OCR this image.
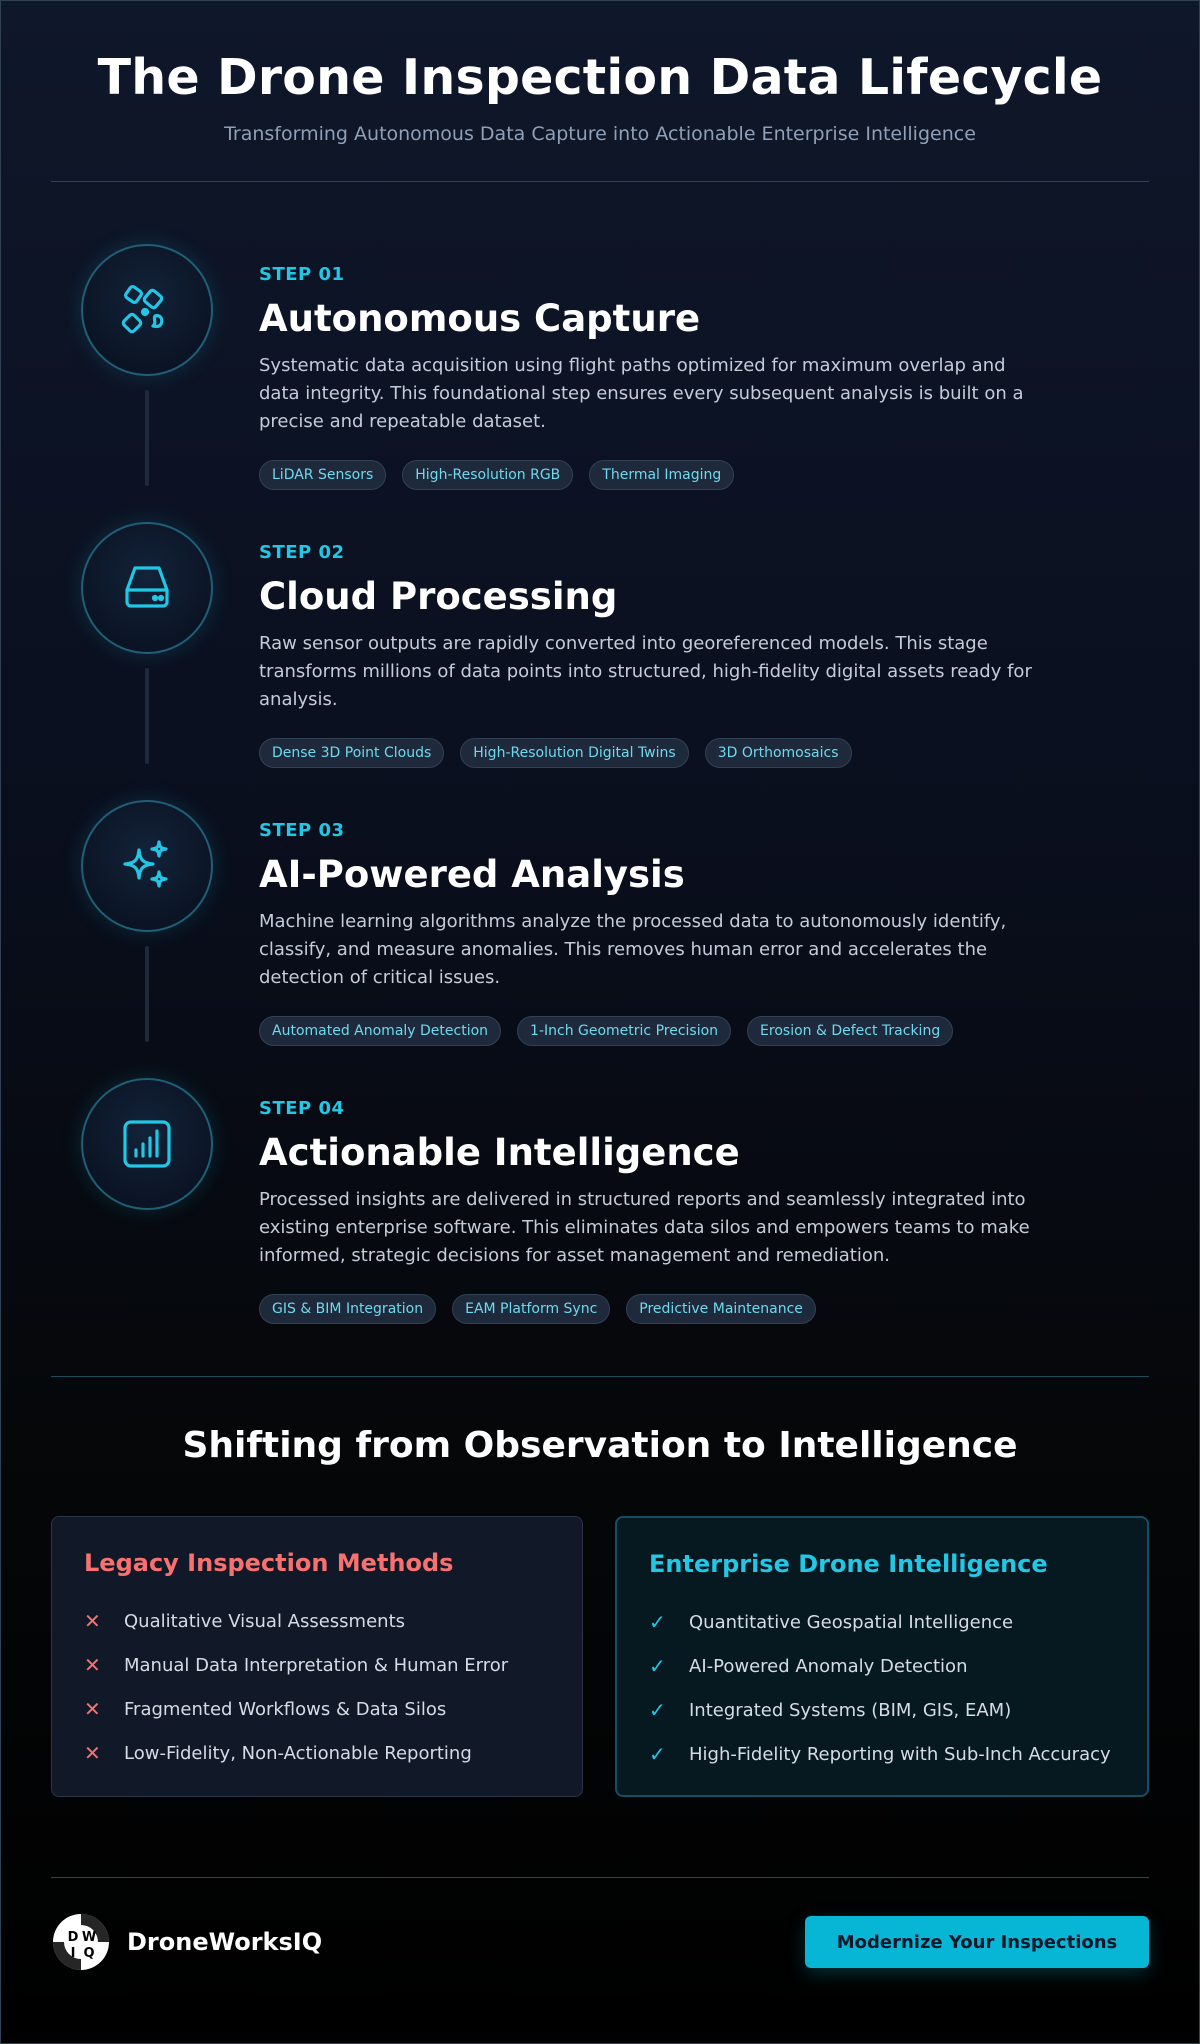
The Drone Inspection Data Lifecycle

Transforming Autonomous Data Capture into Actionable Enterprise Intelligence

STEP 01
Autonomous Capture

Systematic data acquisition using flight paths optimized for maximum overlap and data integrity. This foundational step ensures every subsequent analysis is built on a precise and repeatable dataset.

LiDAR Sensors	High-Resolution RGB	Thermal Imaging
STEP 02
Cloud Processing

Raw sensor outputs are rapidly converted into georeferenced models. This stage transforms millions of data points into structured, high-fidelity digital assets ready for analysis.

Dense 3D Point Clouds	High-Resolution Digital Twins	3D Orthomosaics
STEP 03
AI-Powered Analysis

Machine learning algorithms analyze the processed data to autonomously identify, classify, and measure anomalies. This removes human error and accelerates the detection of critical issues.

Automated Anomaly Detection	1-Inch Geometric Precision	Erosion & Defect Tracking
STEP 04
Actionable Intelligence

Processed insights are delivered in structured reports and seamlessly integrated into existing enterprise software. This eliminates data silos and empowers teams to make informed, strategic decisions for asset management and remediation.

GIS & BIM Integration	EAM Platform Sync	Predictive Maintenance
Shifting from Observation to Intelligence
Legacy Inspection Methods
✕	Qualitative Visual Assessments
✕	Manual Data Interpretation & Human Error
✕	Fragmented Workflows & Data Silos
✕	Low-Fidelity, Non-Actionable Reporting
Enterprise Drone Intelligence
✓	Quantitative Geospatial Intelligence
✓	AI-Powered Anomaly Detection
✓	Integrated Systems (BIM, GIS, EAM)
✓	High-Fidelity Reporting with Sub-Inch Accuracy
D W
I Q DroneWorksIQ	Modernize Your Inspections
